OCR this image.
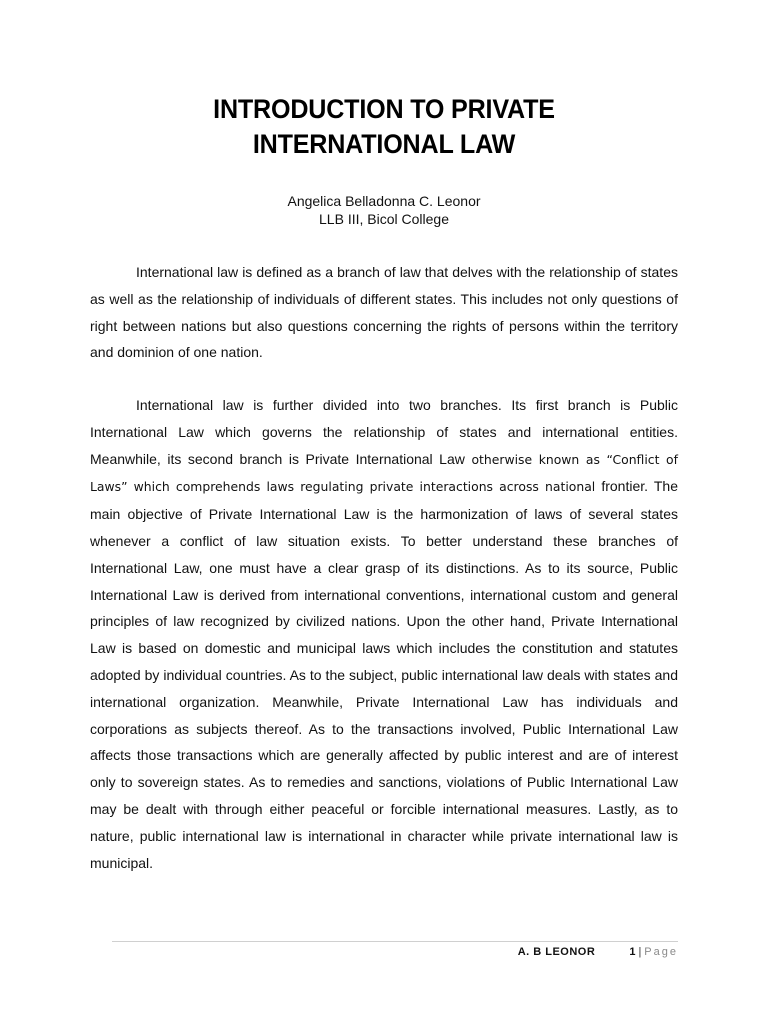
INTRODUCTION TO PRIVATE
INTERNATIONAL LAW
Angelica Belladonna C. Leonor
LLB III, Bicol College

International law is defined as a branch of law that delves with the relationship of states as well as the relationship of individuals of different states. This includes not only questions of right between nations but also questions concerning the rights of persons within the territory and dominion of one nation.

International law is further divided into two branches. Its first branch is Public International Law which governs the relationship of states and international entities. Meanwhile, its second branch is Private International Law otherwise known as “Conflict of Laws” which comprehends laws regulating private interactions across national frontier. The main objective of Private International Law is the harmonization of laws of several states whenever a conflict of law situation exists. To better understand these branches of International Law, one must have a clear grasp of its distinctions. As to its source, Public International Law is derived from international conventions, international custom and general principles of law recognized by civilized nations. Upon the other hand, Private International Law is based on domestic and municipal laws which includes the constitution and statutes adopted by individual countries. As to the subject, public international law deals with states and international organization. Meanwhile, Private International Law has individuals and corporations as subjects thereof. As to the transactions involved, Public International Law affects those transactions which are generally affected by public interest and are of interest only to sovereign states. As to remedies and sanctions, violations of Public International Law may be dealt with through either peaceful or forcible international measures. Lastly, as to nature, public international law is international in character while private international law is municipal.

A. B LEONOR	1 | Page
